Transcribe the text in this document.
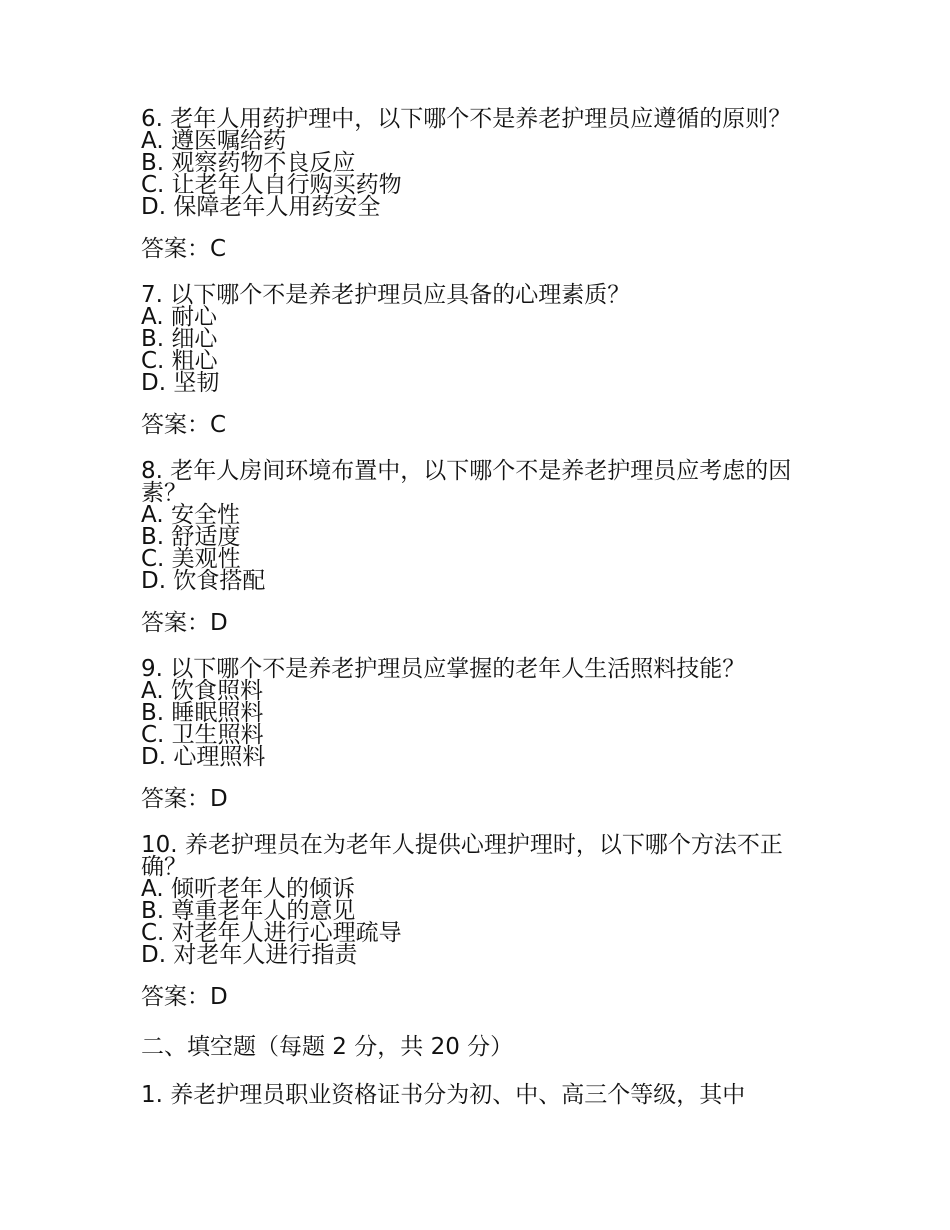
6. 老年人用药护理中，以下哪个不是养老护理员应遵循的原则？

A. 遵医嘱给药

B. 观察药物不良反应

C. 让老年人自行购买药物

D. 保障老年人用药安全

答案：C

7. 以下哪个不是养老护理员应具备的心理素质？

A. 耐心

B. 细心

C. 粗心

D. 坚韧

答案：C

8. 老年人房间环境布置中，以下哪个不是养老护理员应考虑的因素？

A. 安全性

B. 舒适度

C. 美观性

D. 饮食搭配

答案：D

9. 以下哪个不是养老护理员应掌握的老年人生活照料技能？

A. 饮食照料

B. 睡眠照料

C. 卫生照料

D. 心理照料

答案：D

10. 养老护理员在为老年人提供心理护理时，以下哪个方法不正确？

A. 倾听老年人的倾诉

B. 尊重老年人的意见

C. 对老年人进行心理疏导

D. 对老年人进行指责

答案：D

二、填空题（每题 2 分，共 20 分）

1. 养老护理员职业资格证书分为初、中、高三个等级，其中
